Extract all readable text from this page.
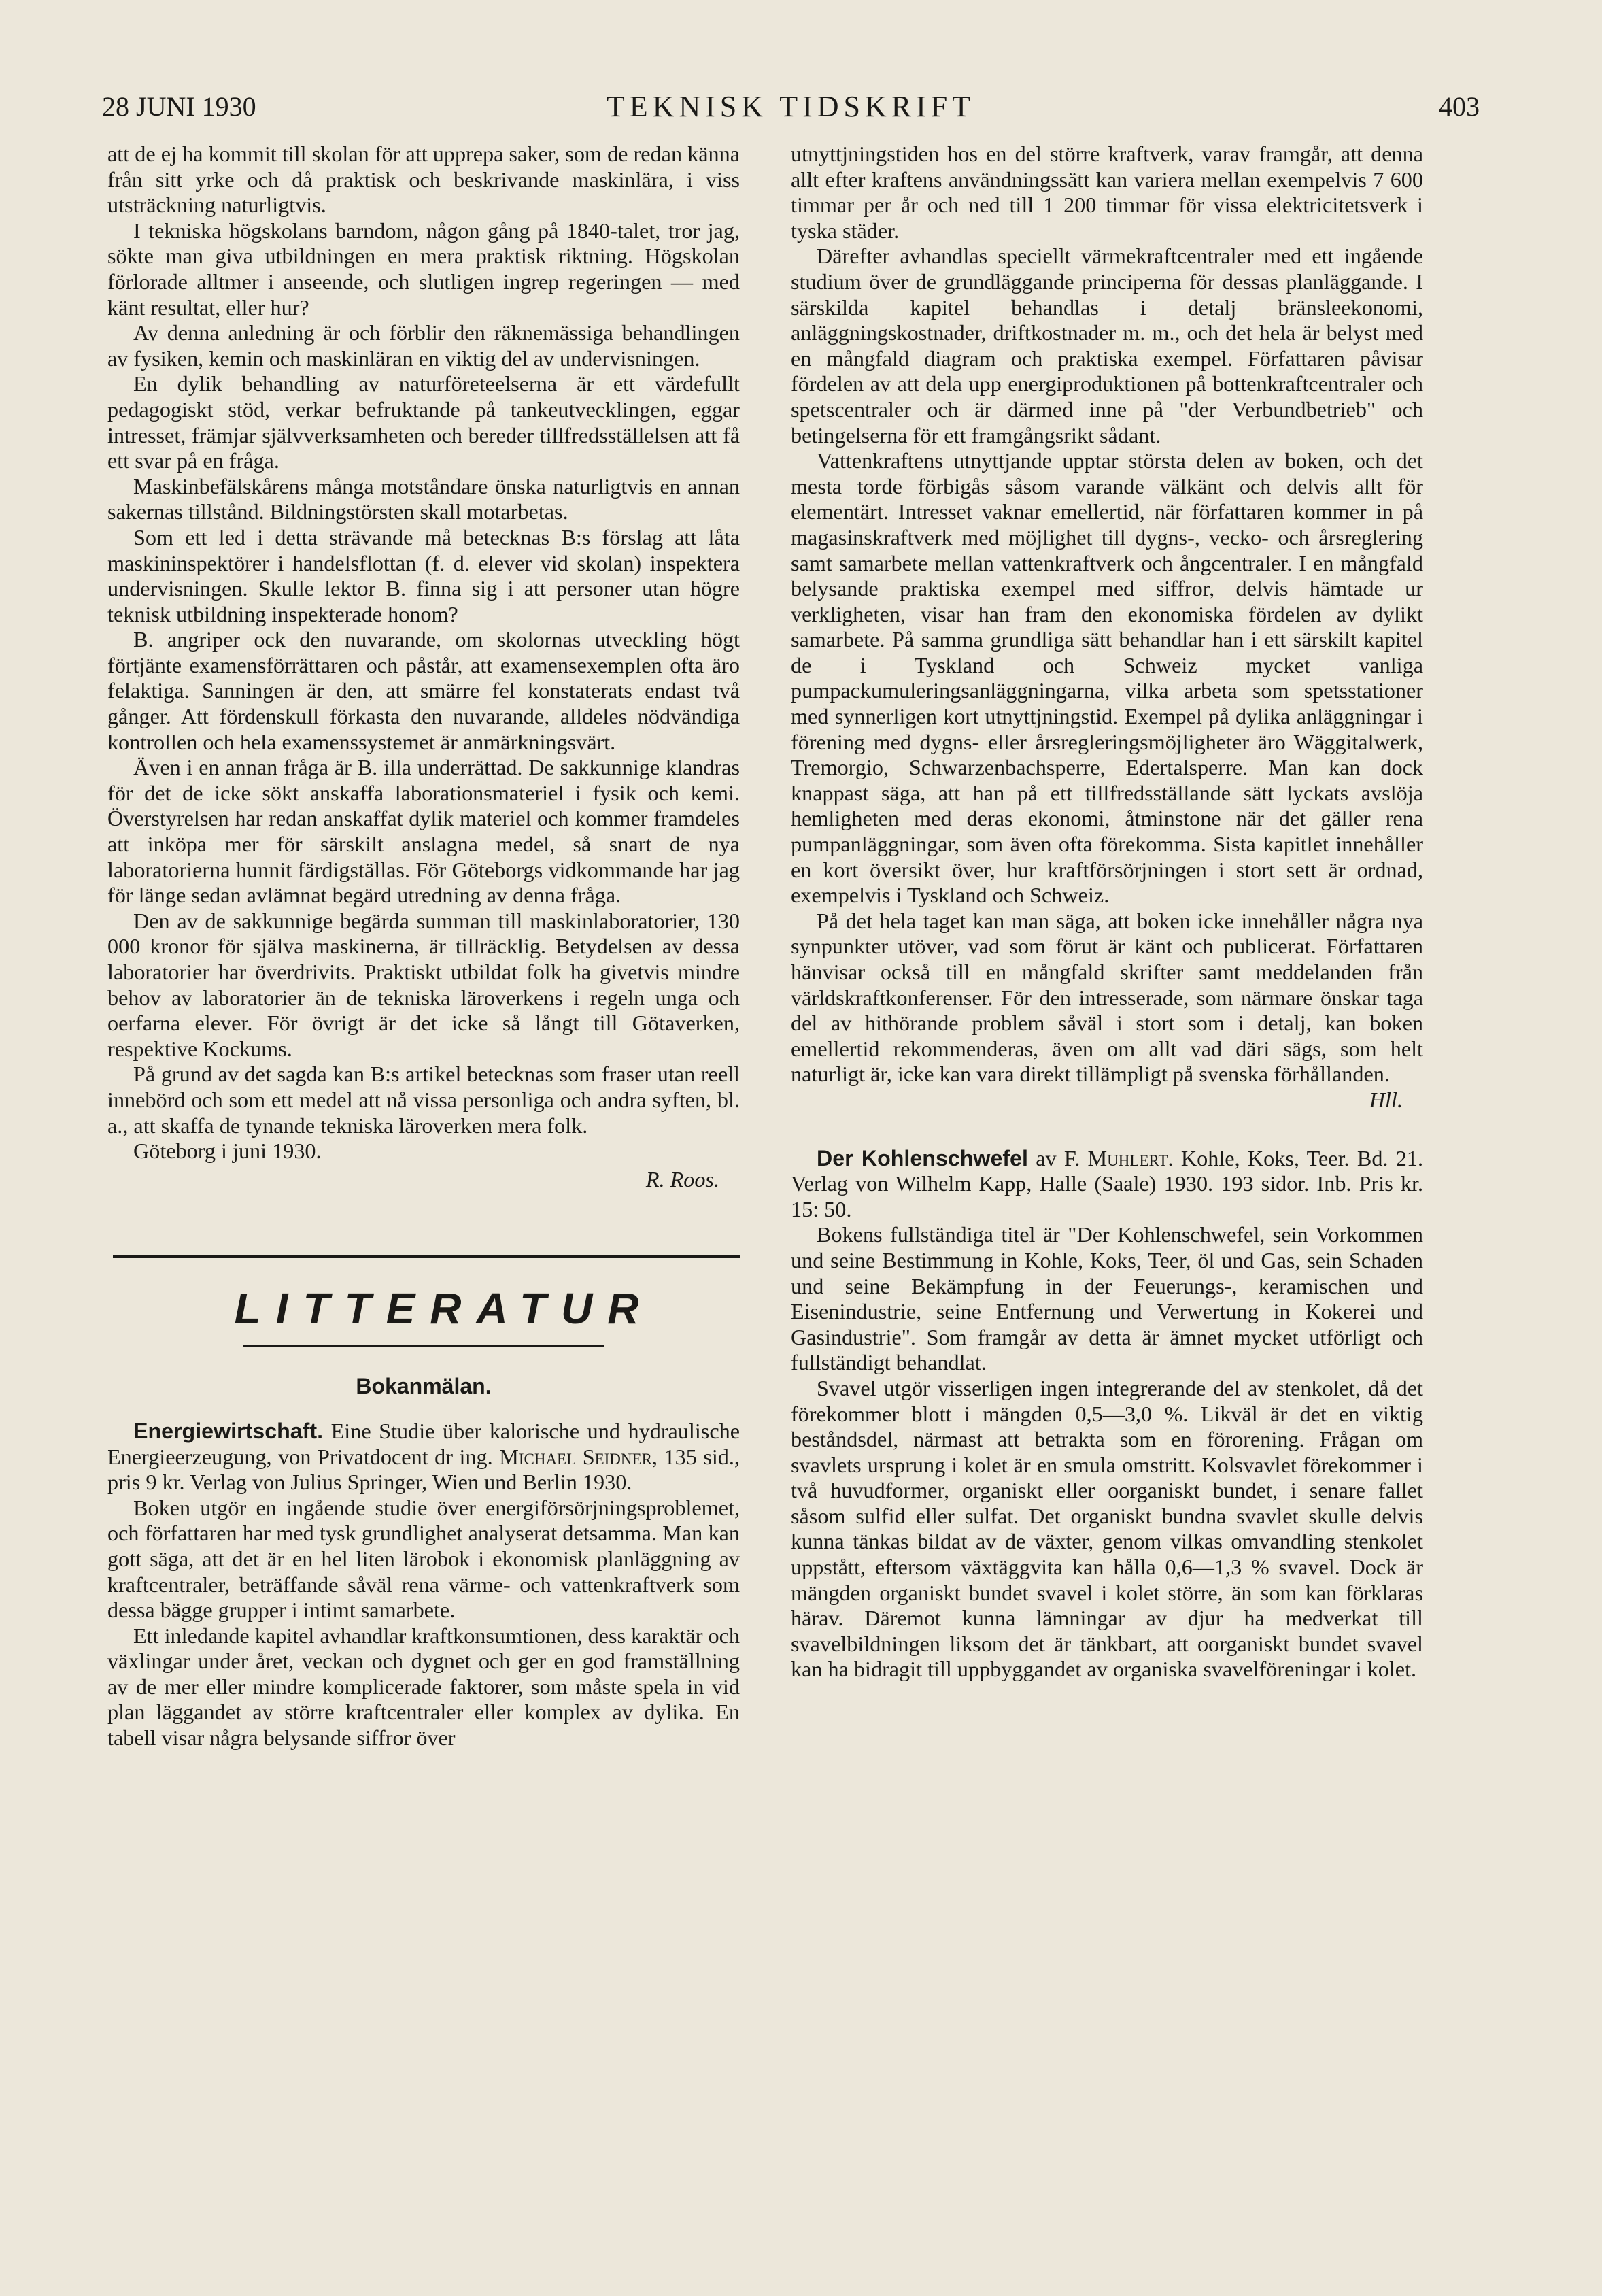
28 JUNI 1930	TEKNISK TIDSKRIFT	403

att de ej ha kommit till skolan för att upprepa saker, som de redan känna från sitt yrke och då praktisk och beskrivande maskinlära, i viss utsträckning naturligtvis.

I tekniska högskolans barndom, någon gång på 1840-talet, tror jag, sökte man giva utbildningen en mera praktisk riktning. Högskolan förlorade alltmer i anseende, och slutligen ingrep regeringen — med känt resultat, eller hur?

Av denna anledning är och förblir den räknemässiga behandlingen av fysiken, kemin och maskinläran en viktig del av undervisningen.

En dylik behandling av naturföreteelserna är ett värdefullt pedagogiskt stöd, verkar befruktande på tankeutvecklingen, eggar intresset, främjar självverksamheten och bereder tillfredsställelsen att få ett svar på en fråga.

Maskinbefälskårens många motståndare önska naturligtvis en annan sakernas tillstånd. Bildningstörsten skall motarbetas.

Som ett led i detta strävande må betecknas B:s förslag att låta maskininspektörer i handelsflottan (f. d. elever vid skolan) inspektera undervisningen. Skulle lektor B. finna sig i att personer utan högre teknisk utbildning inspekterade honom?

B. angriper ock den nuvarande, om skolornas utveckling högt förtjänte examensförrättaren och påstår, att examensexemplen ofta äro felaktiga. Sanningen är den, att smärre fel konstaterats endast två gånger. Att fördenskull förkasta den nuvarande, alldeles nödvändiga kontrollen och hela examenssystemet är anmärkningsvärt.

Även i en annan fråga är B. illa underrättad. De sakkunnige klandras för det de icke sökt anskaffa laborationsmateriel i fysik och kemi. Överstyrelsen har redan anskaffat dylik materiel och kommer framdeles att inköpa mer för särskilt anslagna medel, så snart de nya laboratorierna hunnit färdigställas. För Göteborgs vidkommande har jag för länge sedan avlämnat begärd utredning av denna fråga.

Den av de sakkunnige begärda summan till maskinlaboratorier, 130 000 kronor för själva maskinerna, är tillräcklig. Betydelsen av dessa laboratorier har överdrivits. Praktiskt utbildat folk ha givetvis mindre behov av laboratorier än de tekniska läroverkens i regeln unga och oerfarna elever. För övrigt är det icke så långt till Götaverken, respektive Kockums.

På grund av det sagda kan B:s artikel betecknas som fraser utan reell innebörd och som ett medel att nå vissa personliga och andra syften, bl. a., att skaffa de tynande tekniska läroverken mera folk.

Göteborg i juni 1930.

R. Roos.
LITTERATUR
Bokanmälan.

Energiewirtschaft. Eine Studie über kalorische und hydraulische Energieerzeugung, von Privatdocent dr ing. Michael Seidner, 135 sid., pris 9 kr. Verlag von Julius Springer, Wien und Berlin 1930.

Boken utgör en ingående studie över energiförsörjningsproblemet, och författaren har med tysk grundlighet analyserat detsamma. Man kan gott säga, att det är en hel liten lärobok i ekonomisk planläggning av kraftcentraler, beträffande såväl rena värme- och vattenkraftverk som dessa bägge grupper i intimt samarbete.

Ett inledande kapitel avhandlar kraftkonsumtionen, dess karaktär och växlingar under året, veckan och dygnet och ger en god framställning av de mer eller mindre komplicerade faktorer, som måste spela in vid plan läggandet av större kraftcentraler eller komplex av dylika. En tabell visar några belysande siffror över

utnyttjningstiden hos en del större kraftverk, varav framgår, att denna allt efter kraftens användningssätt kan variera mellan exempelvis 7 600 timmar per år och ned till 1 200 timmar för vissa elektricitetsverk i tyska städer.

Därefter avhandlas speciellt värmekraftcentraler med ett ingående studium över de grundläggande principerna för dessas planläggande. I särskilda kapitel behandlas i detalj bränsleekonomi, anläggningskostnader, driftkostnader m. m., och det hela är belyst med en mångfald diagram och praktiska exempel. Författaren påvisar fördelen av att dela upp energiproduktionen på bottenkraftcentraler och spetscentraler och är därmed inne på "der Verbundbetrieb" och betingelserna för ett framgångsrikt sådant.

Vattenkraftens utnyttjande upptar största delen av boken, och det mesta torde förbigås såsom varande välkänt och delvis allt för elementärt. Intresset vaknar emellertid, när författaren kommer in på magasinskraftverk med möjlighet till dygns-, vecko- och årsreglering samt samarbete mellan vattenkraftverk och ångcentraler. I en mångfald belysande praktiska exempel med siffror, delvis hämtade ur verkligheten, visar han fram den ekonomiska fördelen av dylikt samarbete. På samma grundliga sätt behandlar han i ett särskilt kapitel de i Tyskland och Schweiz mycket vanliga pumpackumuleringsanläggningarna, vilka arbeta som spetsstationer med synnerligen kort utnyttjningstid. Exempel på dylika anläggningar i förening med dygns- eller årsregleringsmöjligheter äro Wäggitalwerk, Tremorgio, Schwarzenbachsperre, Edertalsperre. Man kan dock knappast säga, att han på ett tillfredsställande sätt lyckats avslöja hemligheten med deras ekonomi, åtminstone när det gäller rena pumpanläggningar, som även ofta förekomma. Sista kapitlet innehåller en kort översikt över, hur kraftförsörjningen i stort sett är ordnad, exempelvis i Tyskland och Schweiz.

På det hela taget kan man säga, att boken icke innehåller några nya synpunkter utöver, vad som förut är känt och publicerat. Författaren hänvisar också till en mångfald skrifter samt meddelanden från världskraftkonferenser. För den intresserade, som närmare önskar taga del av hithörande problem såväl i stort som i detalj, kan boken emellertid rekommenderas, även om allt vad däri sägs, som helt naturligt är, icke kan vara direkt tillämpligt på svenska förhållanden.

Hll.

Der Kohlenschwefel av F. Muhlert. Kohle, Koks, Teer. Bd. 21. Verlag von Wilhelm Kapp, Halle (Saale) 1930. 193 sidor. Inb. Pris kr. 15: 50.

Bokens fullständiga titel är "Der Kohlenschwefel, sein Vorkommen und seine Bestimmung in Kohle, Koks, Teer, öl und Gas, sein Schaden und seine Bekämpfung in der Feuerungs-, keramischen und Eisenindustrie, seine Entfernung und Verwertung in Kokerei und Gasindustrie". Som framgår av detta är ämnet mycket utförligt och fullständigt behandlat.

Svavel utgör visserligen ingen integrerande del av stenkolet, då det förekommer blott i mängden 0,5—3,0 %. Likväl är det en viktig beståndsdel, närmast att betrakta som en förorening. Frågan om svavlets ursprung i kolet är en smula omstritt. Kolsvavlet förekommer i två huvudformer, organiskt eller oorganiskt bundet, i senare fallet såsom sulfid eller sulfat. Det organiskt bundna svavlet skulle delvis kunna tänkas bildat av de växter, genom vilkas omvandling stenkolet uppstått, eftersom växtäggvita kan hålla 0,6—1,3 % svavel. Dock är mängden organiskt bundet svavel i kolet större, än som kan förklaras härav. Däremot kunna lämningar av djur ha medverkat till svavelbildningen liksom det är tänkbart, att oorganiskt bundet svavel kan ha bidragit till uppbyggandet av organiska svavelföreningar i kolet.
